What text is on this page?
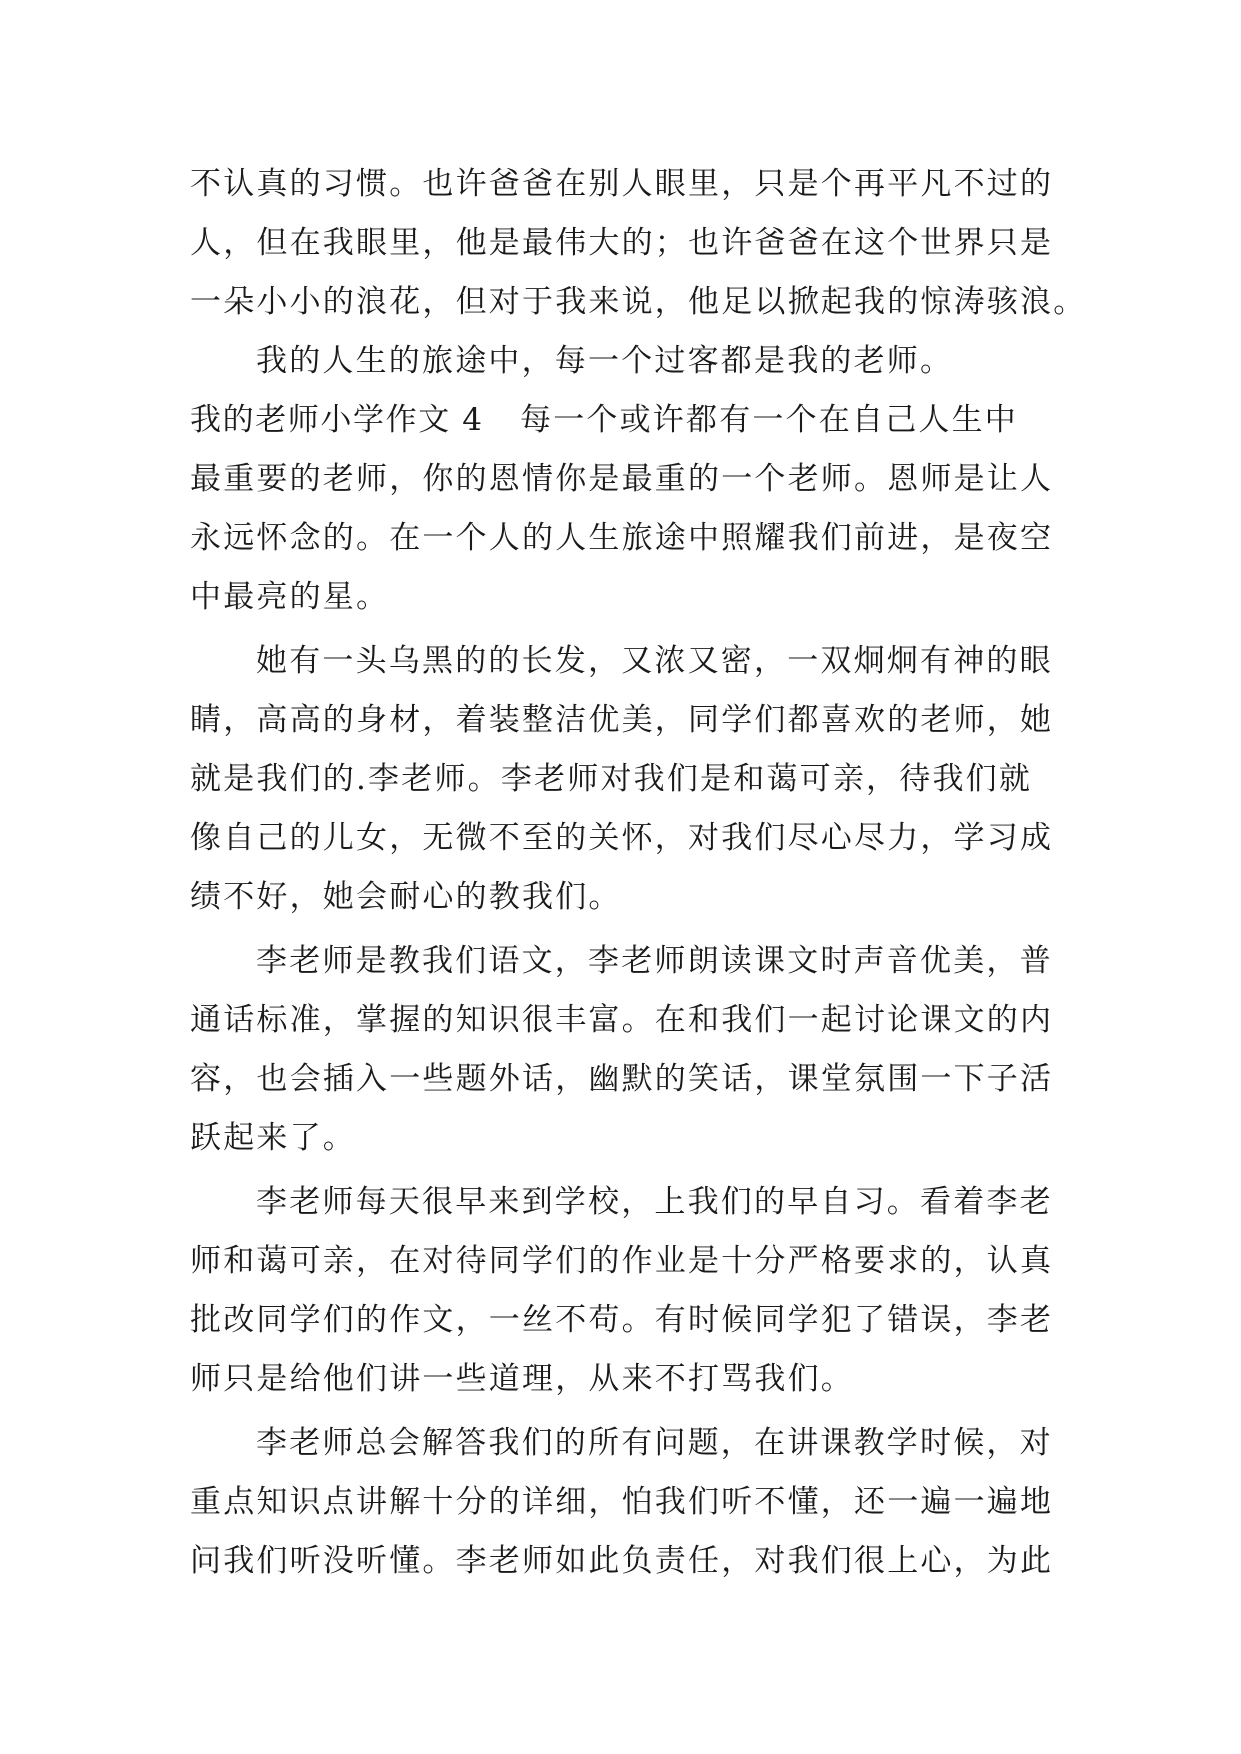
不认真的习惯。也许爸爸在别人眼里，只是个再平凡不过的
人，但在我眼里，他是最伟大的；也许爸爸在这个世界只是
一朵小小的浪花，但对于我来说，他足以掀起我的惊涛骇浪。
我的人生的旅途中，每一个过客都是我的老师。
我的老师小学作文 4 每一个或许都有一个在自己人生中
最重要的老师，你的恩情你是最重的一个老师。恩师是让人
永远怀念的。在一个人的人生旅途中照耀我们前进，是夜空
中最亮的星。
她有一头乌黑的的长发，又浓又密，一双炯炯有神的眼
睛，高高的身材，着装整洁优美，同学们都喜欢的老师，她
就是我们的.李老师。李老师对我们是和蔼可亲，待我们就
像自己的儿女，无微不至的关怀，对我们尽心尽力，学习成
绩不好，她会耐心的教我们。
李老师是教我们语文，李老师朗读课文时声音优美，普
通话标准，掌握的知识很丰富。在和我们一起讨论课文的内
容，也会插入一些题外话，幽默的笑话，课堂氛围一下子活
跃起来了。
李老师每天很早来到学校，上我们的早自习。看着李老
师和蔼可亲，在对待同学们的作业是十分严格要求的，认真
批改同学们的作文，一丝不苟。有时候同学犯了错误，李老
师只是给他们讲一些道理，从来不打骂我们。
李老师总会解答我们的所有问题，在讲课教学时候，对
重点知识点讲解十分的详细，怕我们听不懂，还一遍一遍地
问我们听没听懂。李老师如此负责任，对我们很上心，为此
